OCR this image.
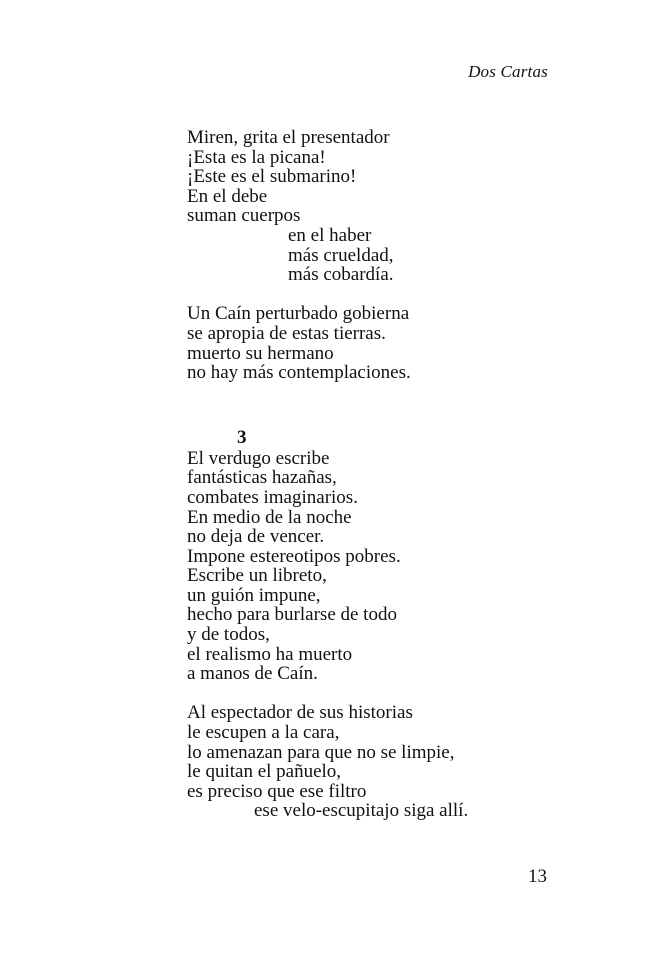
Dos Cartas
Miren, grita el presentador
¡Esta es la picana!
¡Este es el submarino!
En el debe
suman cuerpos
en el haber
más crueldad,
más cobardía.
Un Caín perturbado gobierna
se apropia de estas tierras.
muerto su hermano
no hay más contemplaciones.
3
El verdugo escribe
fantásticas hazañas,
combates imaginarios.
En medio de la noche
no deja de vencer.
Impone estereotipos pobres.
Escribe un libreto,
un guión impune,
hecho para burlarse de todo
y de todos,
el realismo ha muerto
a manos de Caín.
Al espectador de sus historias
le escupen a la cara,
lo amenazan para que no se limpie,
le quitan el pañuelo,
es preciso que ese filtro
ese velo-escupitajo siga allí.
13
